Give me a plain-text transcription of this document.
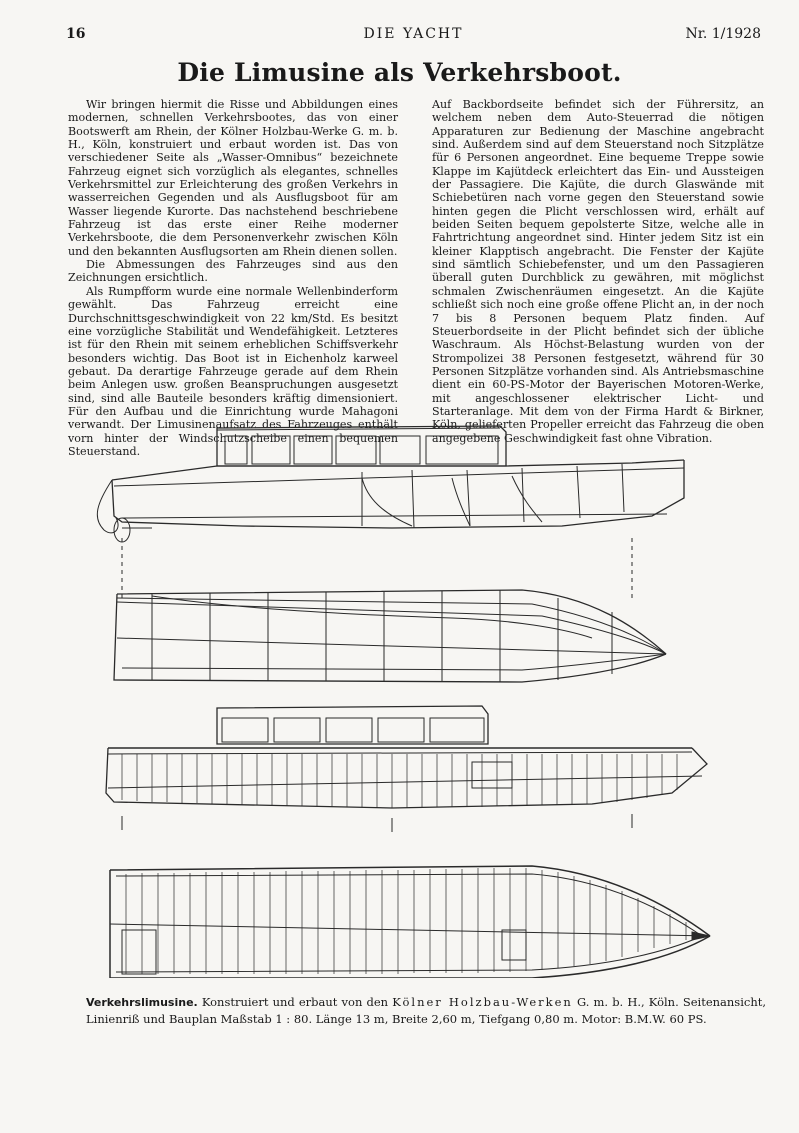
16	DIE YACHT	Nr. 1/1928
Die Limusine als Verkehrsboot.

Wir bringen hiermit die Risse und Abbildungen eines modernen, schnellen Verkehrsbootes, das von einer Bootswerft am Rhein, der Kölner Holzbau-Werke G. m. b. H., Köln, konstruiert und erbaut worden ist. Das von verschiedener Seite als „Wasser-Omnibus“ bezeichnete Fahrzeug eignet sich vorzüglich als elegantes, schnelles Verkehrsmittel zur Erleichterung des großen Verkehrs in wasserreichen Gegenden und als Ausflugsboot für am Wasser liegende Kurorte. Das nachstehend beschriebene Fahrzeug ist das erste einer Reihe moderner Verkehrsboote, die dem Personenverkehr zwischen Köln und den bekannten Ausflugsorten am Rhein dienen sollen.

Die Abmessungen des Fahrzeuges sind aus den Zeichnungen ersichtlich.

Als Rumpfform wurde eine normale Wellenbinderform gewählt. Das Fahrzeug erreicht eine Durchschnittsgeschwindigkeit von 22 km/Std. Es besitzt eine vorzügliche Stabilität und Wendefähigkeit. Letzteres ist für den Rhein mit seinem erheblichen Schiffsverkehr besonders wichtig. Das Boot ist in Eichenholz karweel gebaut. Da derartige Fahrzeuge gerade auf dem Rhein beim Anlegen usw. großen Beanspruchungen ausgesetzt sind, sind alle Bauteile besonders kräftig dimensioniert. Für den Aufbau und die Einrichtung wurde Mahagoni verwandt. Der Limusinenaufsatz des Fahrzeuges enthält vorn hinter der Windschutzscheibe einen bequemen Steuerstand.

Auf Backbordseite befindet sich der Führersitz, an welchem neben dem Auto-Steuerrad die nötigen Apparaturen zur Bedienung der Maschine angebracht sind. Außerdem sind auf dem Steuerstand noch Sitzplätze für 6 Personen angeordnet. Eine bequeme Treppe sowie Klappe im Kajütdeck erleichtert das Ein- und Aussteigen der Passagiere. Die Kajüte, die durch Glaswände mit Schiebetüren nach vorne gegen den Steuerstand sowie hinten gegen die Plicht verschlossen wird, erhält auf beiden Seiten bequem gepolsterte Sitze, welche alle in Fahrtrichtung angeordnet sind. Hinter jedem Sitz ist ein kleiner Klapptisch angebracht. Die Fenster der Kajüte sind sämtlich Schiebefenster, und um den Passagieren überall guten Durchblick zu gewähren, mit möglichst schmalen Zwischenräumen eingesetzt. An die Kajüte schließt sich noch eine große offene Plicht an, in der noch 7 bis 8 Personen bequem Platz finden. Auf Steuerbordseite in der Plicht befindet sich der übliche Waschraum. Als Höchst-Belastung wurden von der Strompolizei 38 Personen festgesetzt, während für 30 Personen Sitzplätze vorhanden sind. Als Antriebsmaschine dient ein 60-PS-Motor der Bayerischen Motoren-Werke, mit angeschlossener elektrischer Licht- und Starteranlage. Mit dem von der Firma Hardt & Birkner, Köln, gelieferten Propeller erreicht das Fahrzeug die oben angegebene Geschwindigkeit fast ohne Vibration.

Verkehrslimusine. Konstruiert und erbaut von den Kölner Holzbau-Werken G. m. b. H., Köln. Seitenansicht, Linienriß und Bauplan Maßstab 1 : 80. Länge 13 m, Breite 2,60 m, Tiefgang 0,80 m. Motor: B.M.W. 60 PS.
